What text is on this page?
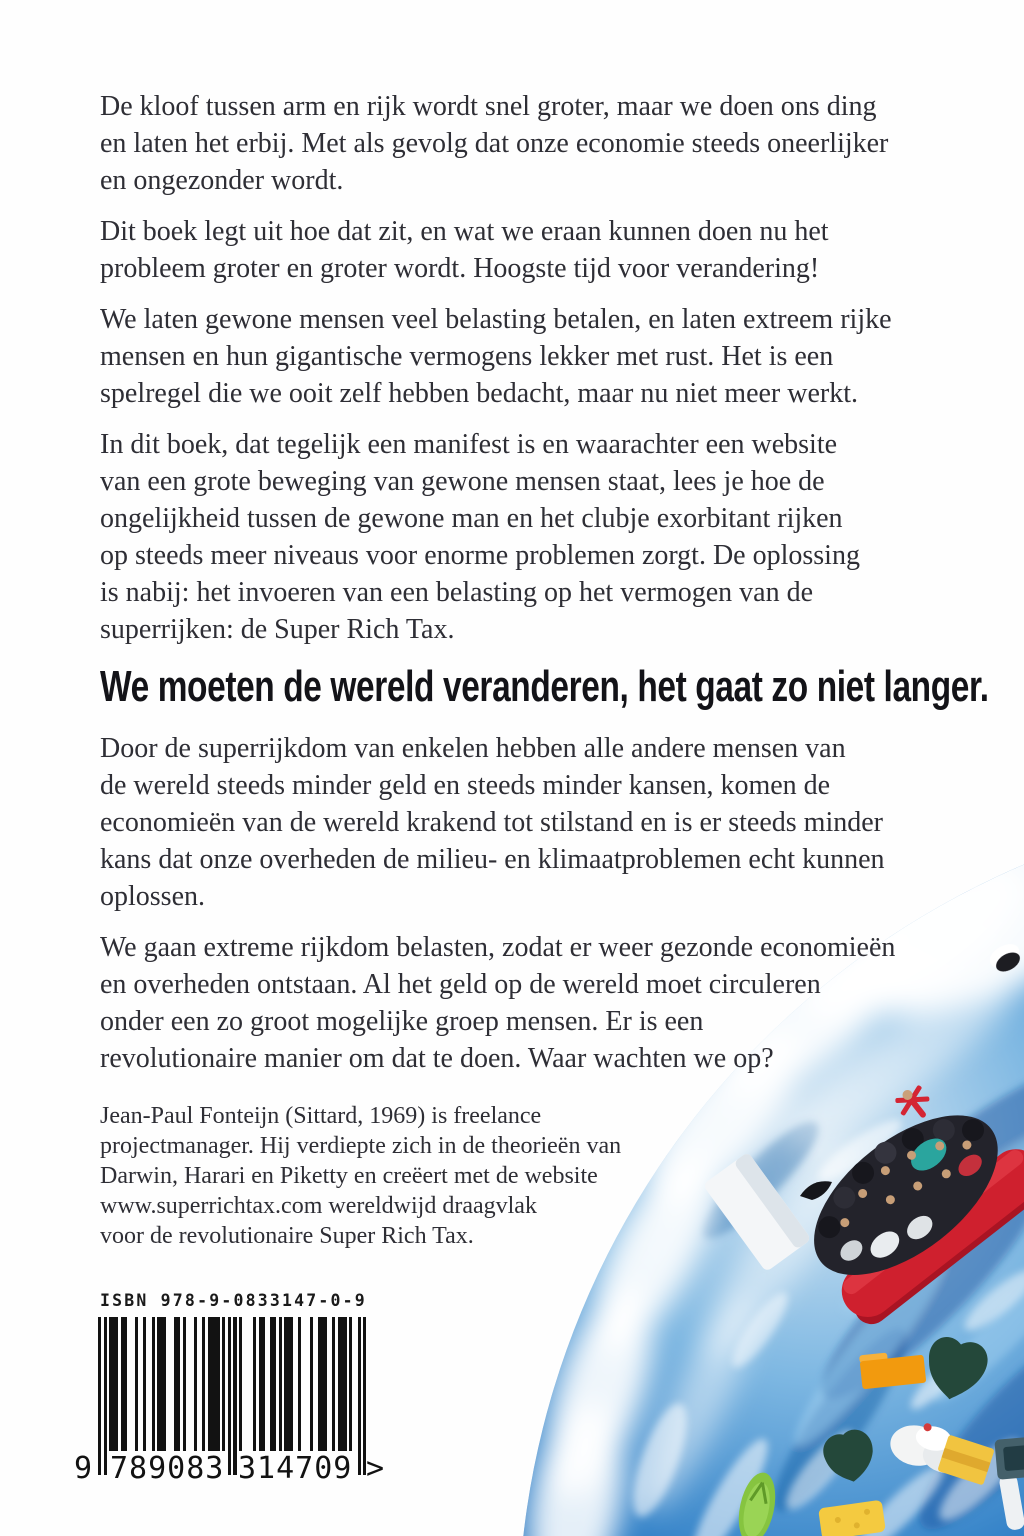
De kloof tussen arm en rijk wordt snel groter, maar we doen ons ding
en laten het erbij. Met als gevolg dat onze economie steeds oneerlijker
en ongezonder wordt.

Dit boek legt uit hoe dat zit, en wat we eraan kunnen doen nu het
probleem groter en groter wordt. Hoogste tijd voor verandering!

We laten gewone mensen veel belasting betalen, en laten extreem rijke
mensen en hun gigantische vermogens lekker met rust. Het is een
spelregel die we ooit zelf hebben bedacht, maar nu niet meer werkt.

In dit boek, dat tegelijk een manifest is en waarachter een website
van een grote beweging van gewone mensen staat, lees je hoe de
ongelijkheid tussen de gewone man en het clubje exorbitant rijken
op steeds meer niveaus voor enorme problemen zorgt. De oplossing
is nabij: het invoeren van een belasting op het vermogen van de
superrijken: de Super Rich Tax.

We moeten de wereld veranderen, het gaat zo niet langer.

Door de superrijkdom van enkelen hebben alle andere mensen van
de wereld steeds minder geld en steeds minder kansen, komen de
economieën van de wereld krakend tot stilstand en is er steeds minder
kans dat onze overheden de milieu- en klimaatproblemen echt kunnen
oplossen.

We gaan extreme rijkdom belasten, zodat er weer gezonde economieën
en overheden ontstaan. Al het geld op de wereld moet circuleren
onder een zo groot mogelijke groep mensen. Er is een
revolutionaire manier om dat te doen. Waar wachten we op?

Jean-Paul Fonteijn (Sittard, 1969) is freelance
projectmanager. Hij verdiepte zich in de theorieën van
Darwin, Harari en Piketty en creëert met de website
www.superrichtax.com wereldwijd draagvlak
voor de revolutionaire Super Rich Tax.
ISBN 978-9-0833147-0-9
9 789083 314709 >
